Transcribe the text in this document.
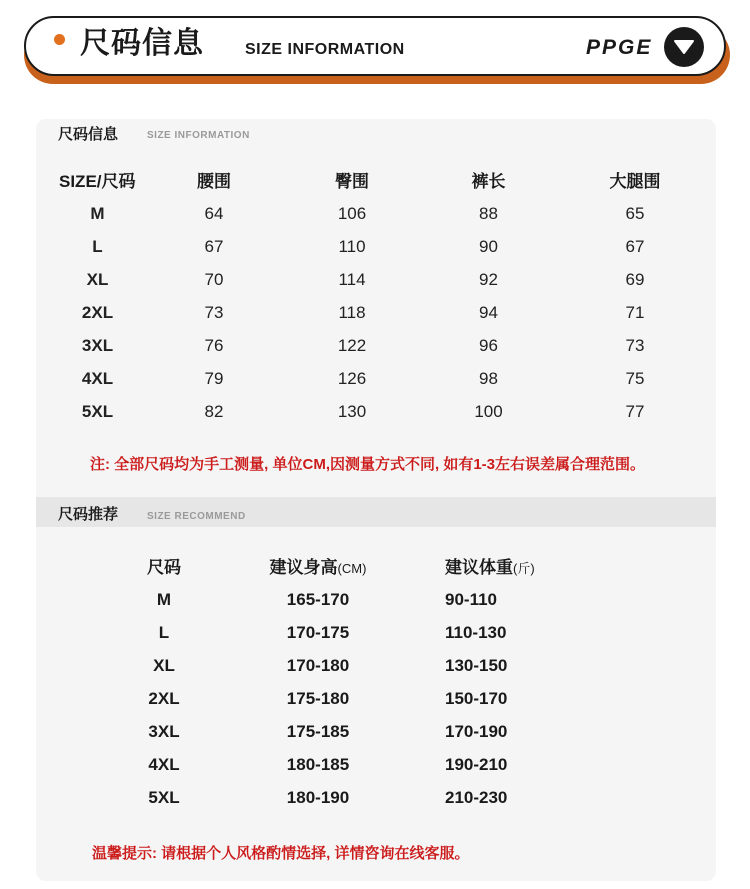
尺码信息	SIZE INFORMATION	PPGE
尺码信息	SIZE INFORMATION
SIZE/尺码	腰围	臀围	裤长	大腿围
M	64	106	88	65
L	67	110	90	67
XL	70	114	92	69
2XL	73	118	94	71
3XL	76	122	96	73
4XL	79	126	98	75
5XL	82	130	100	77
注: 全部尺码均为手工测量, 单位CM,因测量方式不同, 如有1-3左右误差属合理范围。
尺码推荐	SIZE RECOMMEND
尺码	建议身高(CM)	建议体重(斤)
M	165-170	90-110
L	170-175	110-130
XL	170-180	130-150
2XL	175-180	150-170
3XL	175-185	170-190
4XL	180-185	190-210
5XL	180-190	210-230
温馨提示: 请根据个人风格酌情选择, 详情咨询在线客服。
